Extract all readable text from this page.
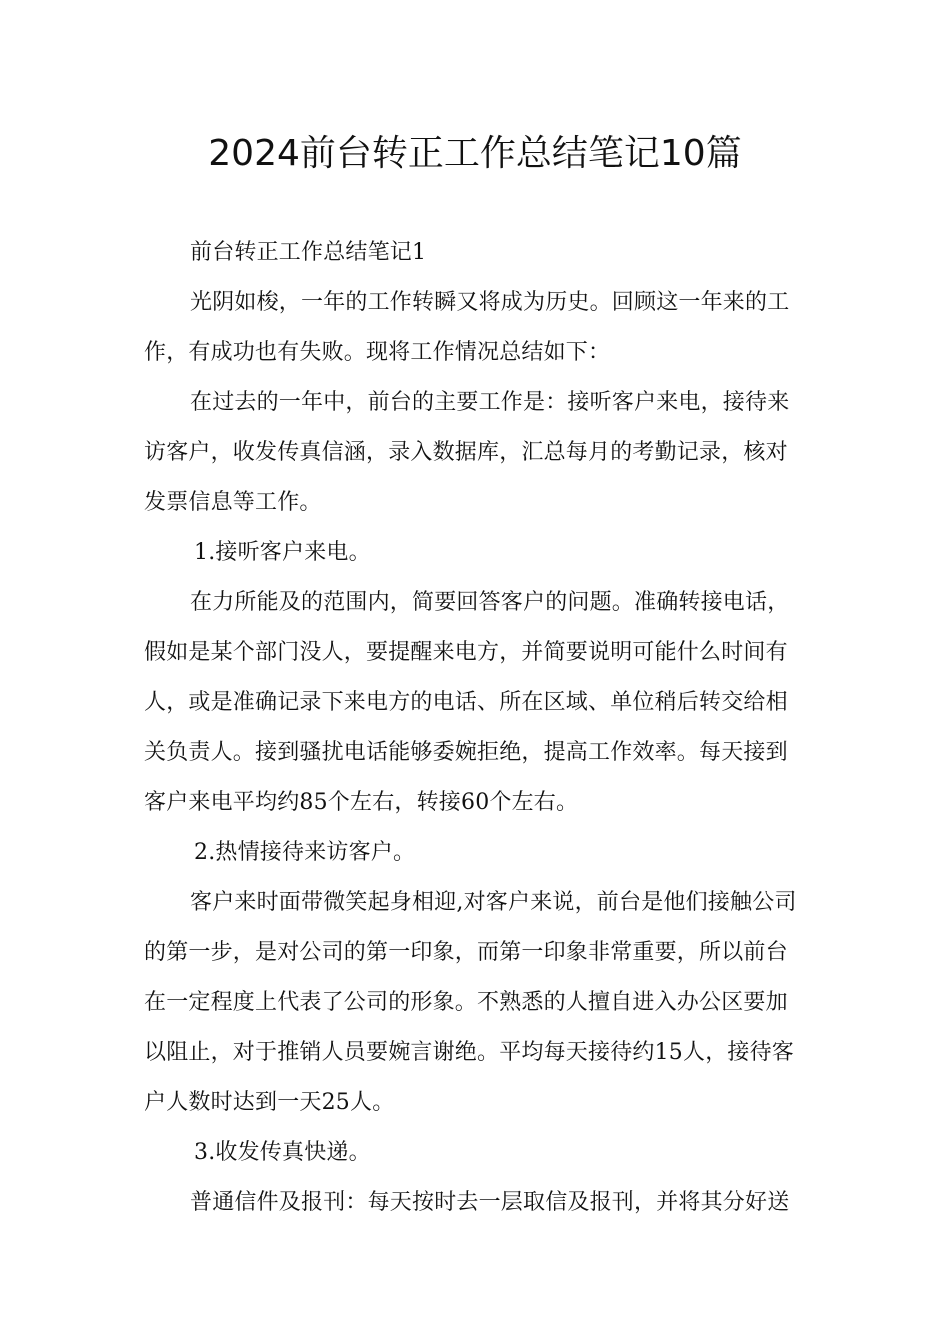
2024前台转正工作总结笔记10篇
前台转正工作总结笔记1
光阴如梭，一年的工作转瞬又将成为历史。回顾这一年来的工
作，有成功也有失败。现将工作情况总结如下：
在过去的一年中，前台的主要工作是：接听客户来电，接待来
访客户，收发传真信涵，录入数据库，汇总每月的考勤记录，核对
发票信息等工作。
1.接听客户来电。
在力所能及的范围内，简要回答客户的问题。准确转接电话，
假如是某个部门没人，要提醒来电方，并简要说明可能什么时间有
人，或是准确记录下来电方的电话、所在区域、单位稍后转交给相
关负责人。接到骚扰电话能够委婉拒绝，提高工作效率。每天接到
客户来电平均约85个左右，转接60个左右。
2.热情接待来访客户。
客户来时面带微笑起身相迎,对客户来说，前台是他们接触公司
的第一步，是对公司的第一印象，而第一印象非常重要，所以前台
在一定程度上代表了公司的形象。不熟悉的人擅自进入办公区要加
以阻止，对于推销人员要婉言谢绝。平均每天接待约15人，接待客
户人数时达到一天25人。
3.收发传真快递。
普通信件及报刊：每天按时去一层取信及报刊，并将其分好送
